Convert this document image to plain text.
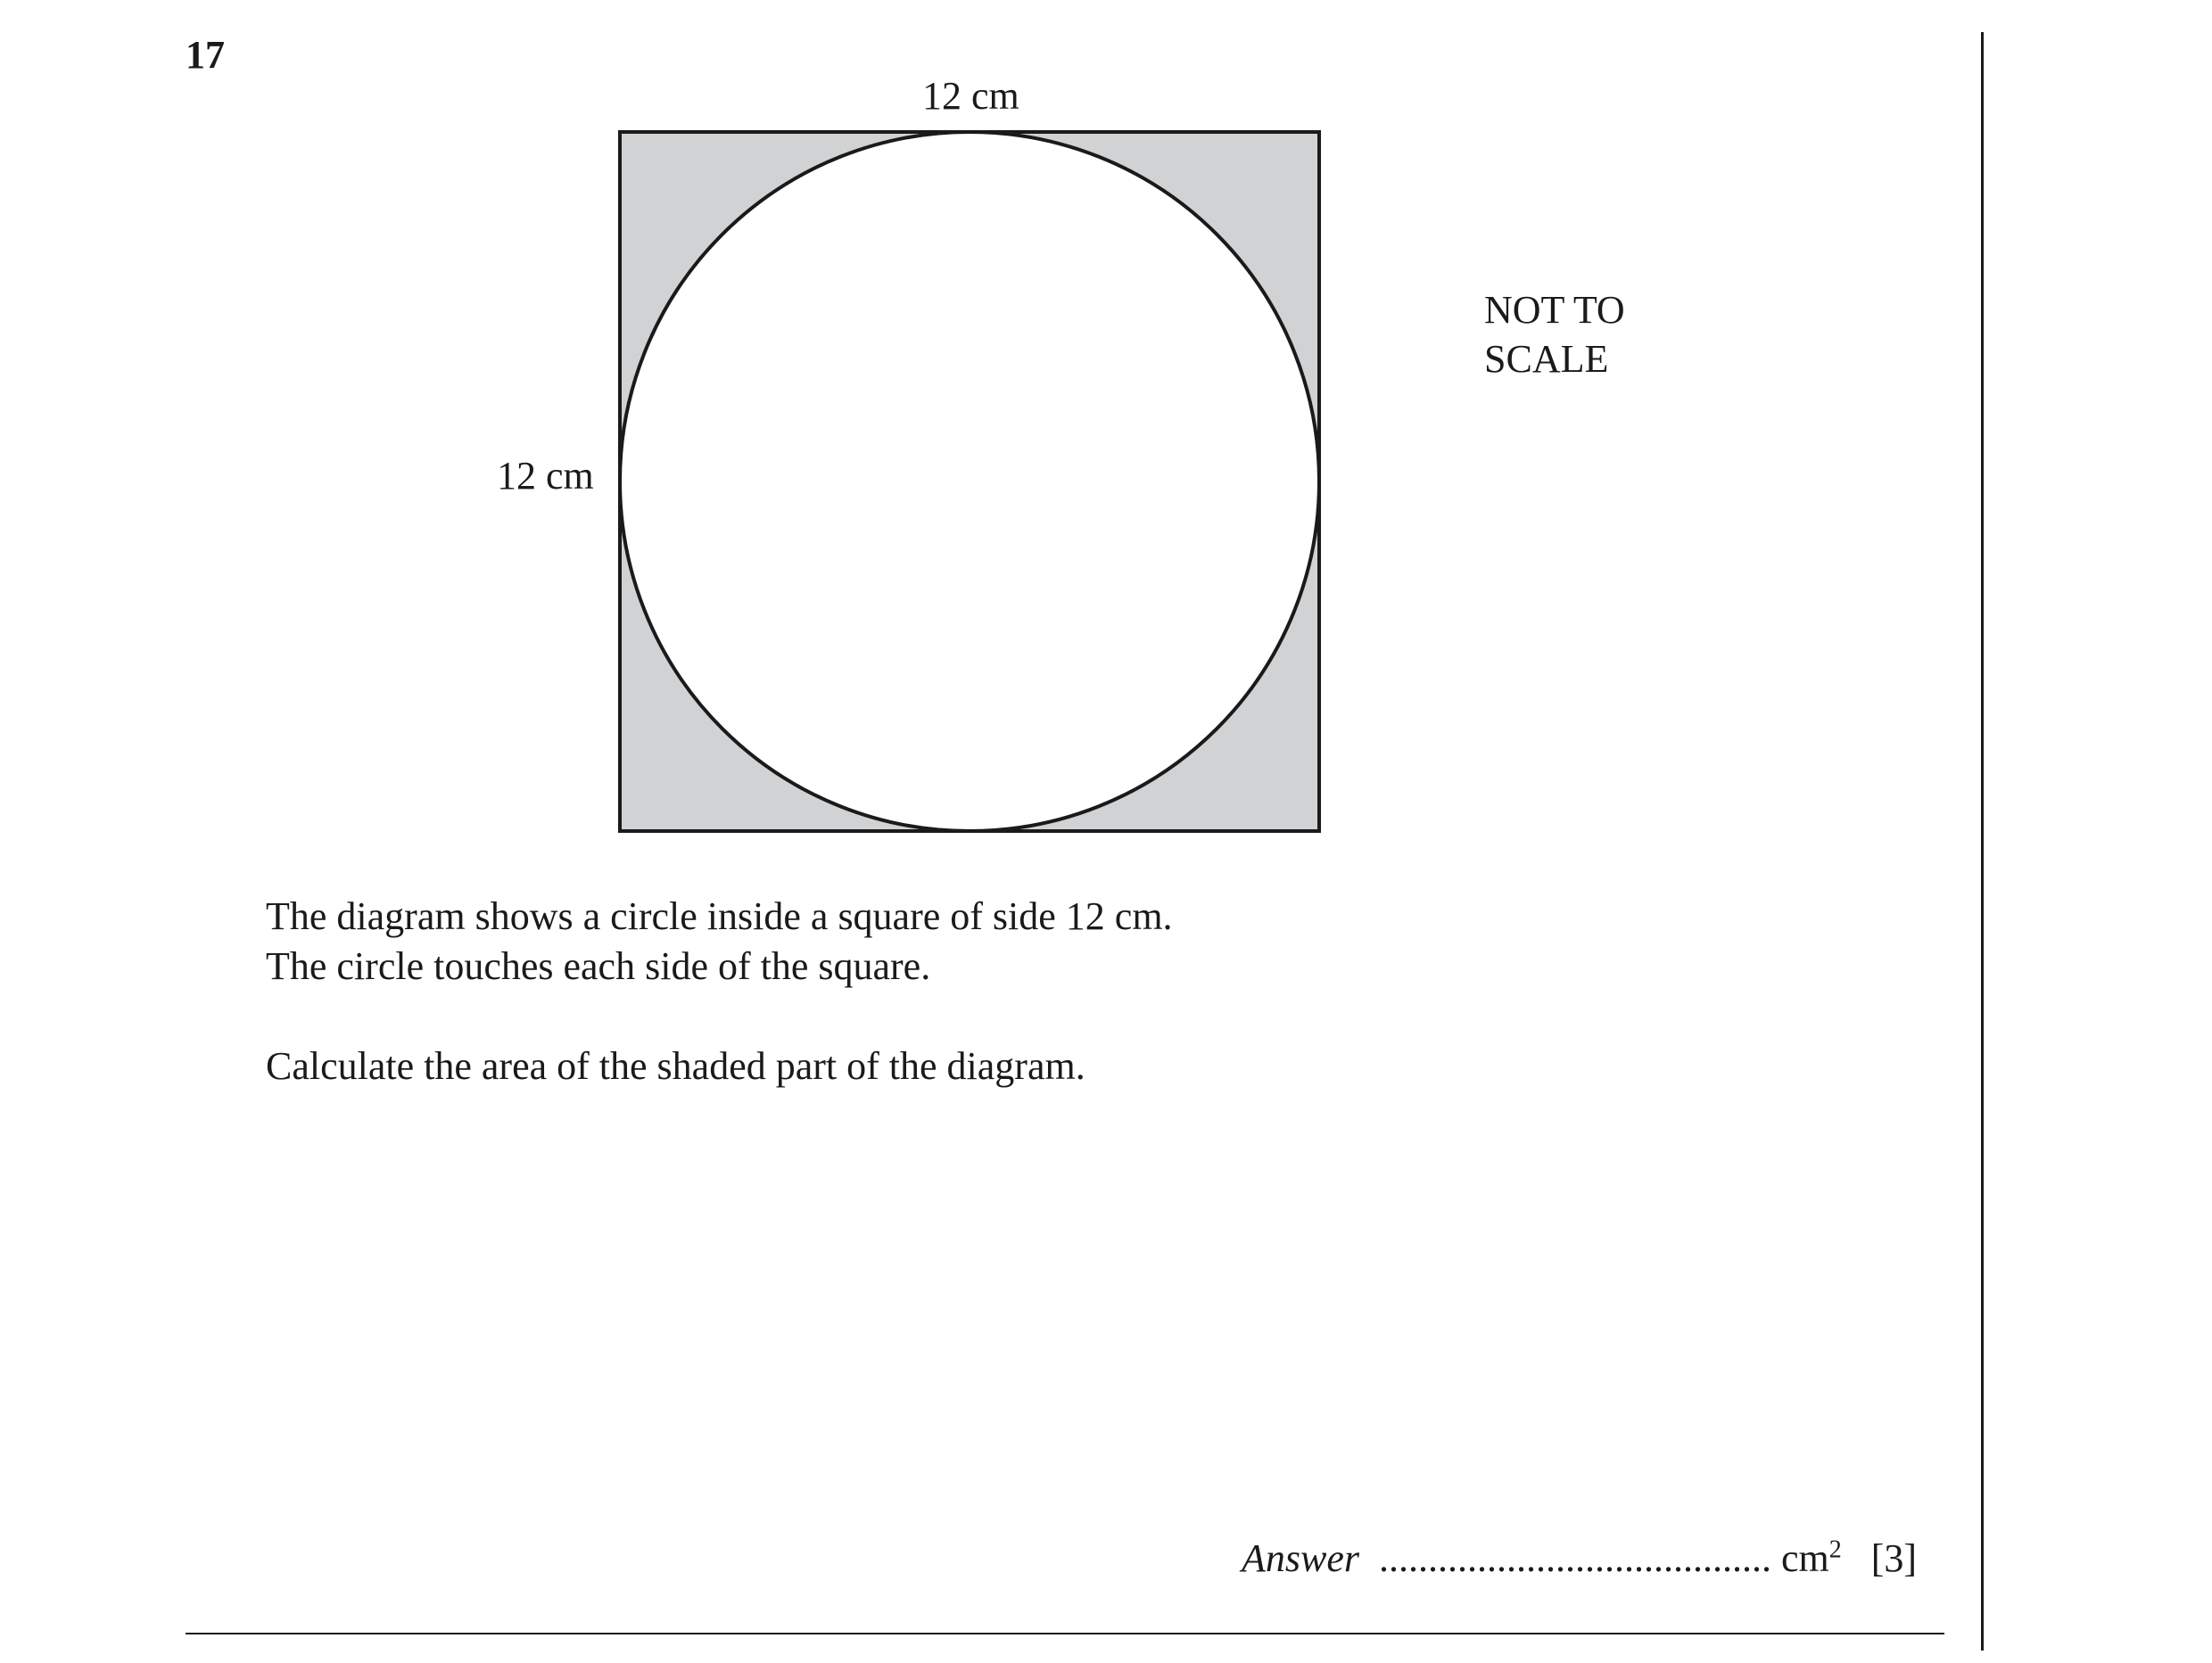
17
12 cm
12 cm
NOT TO
SCALE

The diagram shows a circle inside a square of side 12 cm.

The circle touches each side of the square.

Calculate the area of the shaded part of the diagram.

Answer ........................................ $cm^2$ [3]
